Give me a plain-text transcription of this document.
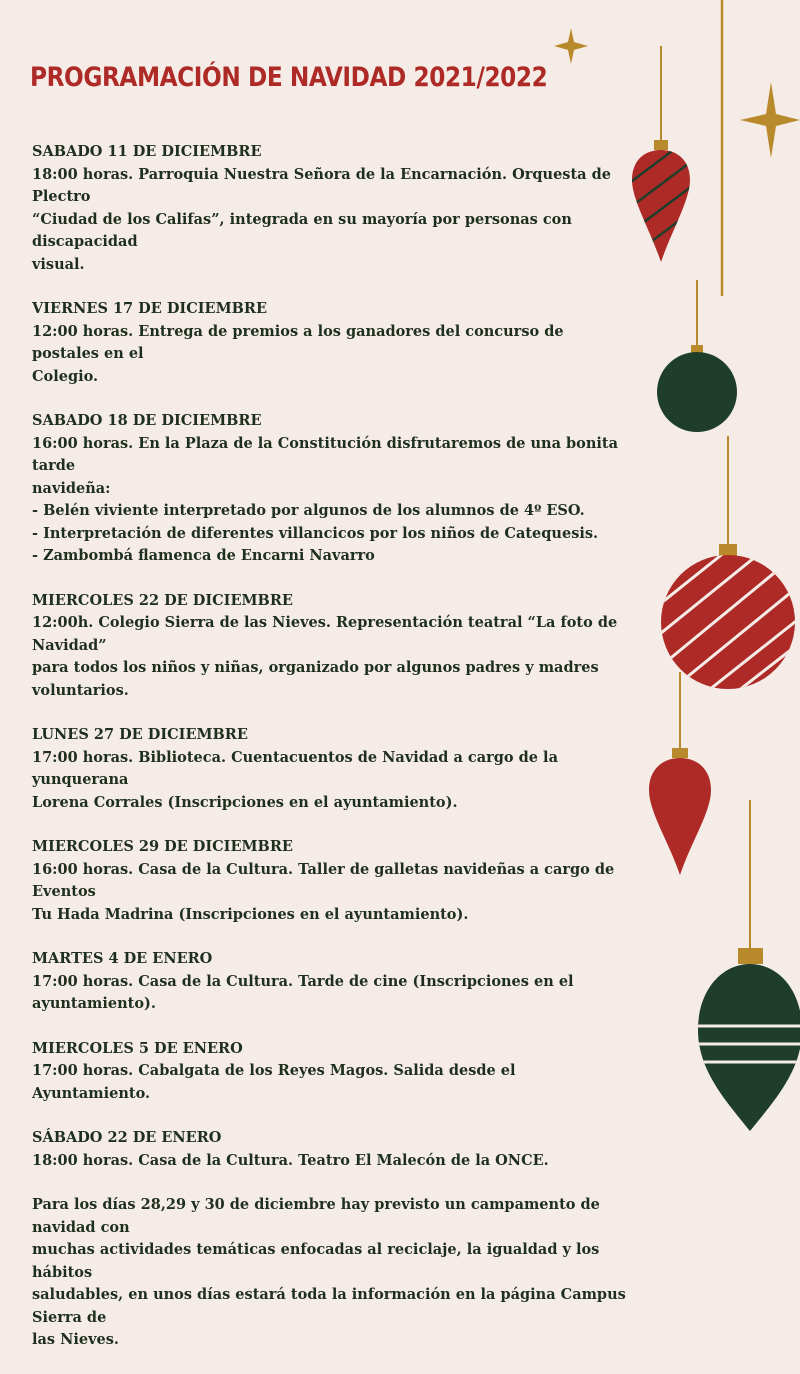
PROGRAMACIÓN DE NAVIDAD 2021/2022
SABADO 11 DE DICIEMBRE
18:00 horas. Parroquia Nuestra Señora de la Encarnación. Orquesta de Plectro
“Ciudad de los Califas”, integrada en su mayoría por personas con discapacidad
visual.
VIERNES 17 DE DICIEMBRE
12:00 horas. Entrega de premios a los ganadores del concurso de postales en el
Colegio.
SABADO 18 DE DICIEMBRE
16:00 horas. En la Plaza de la Constitución disfrutaremos de una bonita tarde
navideña:
- Belén viviente interpretado por algunos de los alumnos de 4º ESO.
- Interpretación de diferentes villancicos por los niños de Catequesis.
- Zambombá flamenca de Encarni Navarro
MIERCOLES 22 DE DICIEMBRE
12:00h. Colegio Sierra de las Nieves. Representación teatral “La foto de Navidad”
para todos los niños y niñas, organizado por algunos padres y madres voluntarios.
LUNES 27 DE DICIEMBRE
17:00 horas. Biblioteca. Cuentacuentos de Navidad a cargo de la yunquerana
Lorena Corrales (Inscripciones en el ayuntamiento).
MIERCOLES 29 DE DICIEMBRE
16:00 horas. Casa de la Cultura. Taller de galletas navideñas a cargo de Eventos
Tu Hada Madrina (Inscripciones en el ayuntamiento).
MARTES 4 DE ENERO
17:00 horas. Casa de la Cultura. Tarde de cine (Inscripciones en el ayuntamiento).
MIERCOLES 5 DE ENERO
17:00 horas. Cabalgata de los Reyes Magos. Salida desde el Ayuntamiento.
SÁBADO 22 DE ENERO
18:00 horas. Casa de la Cultura. Teatro El Malecón de la ONCE.
Para los días 28,29 y 30 de diciembre hay previsto un campamento de navidad con
muchas actividades temáticas enfocadas al reciclaje, la igualdad y los hábitos
saludables, en unos días estará toda la información en la página Campus Sierra de
las Nieves.
